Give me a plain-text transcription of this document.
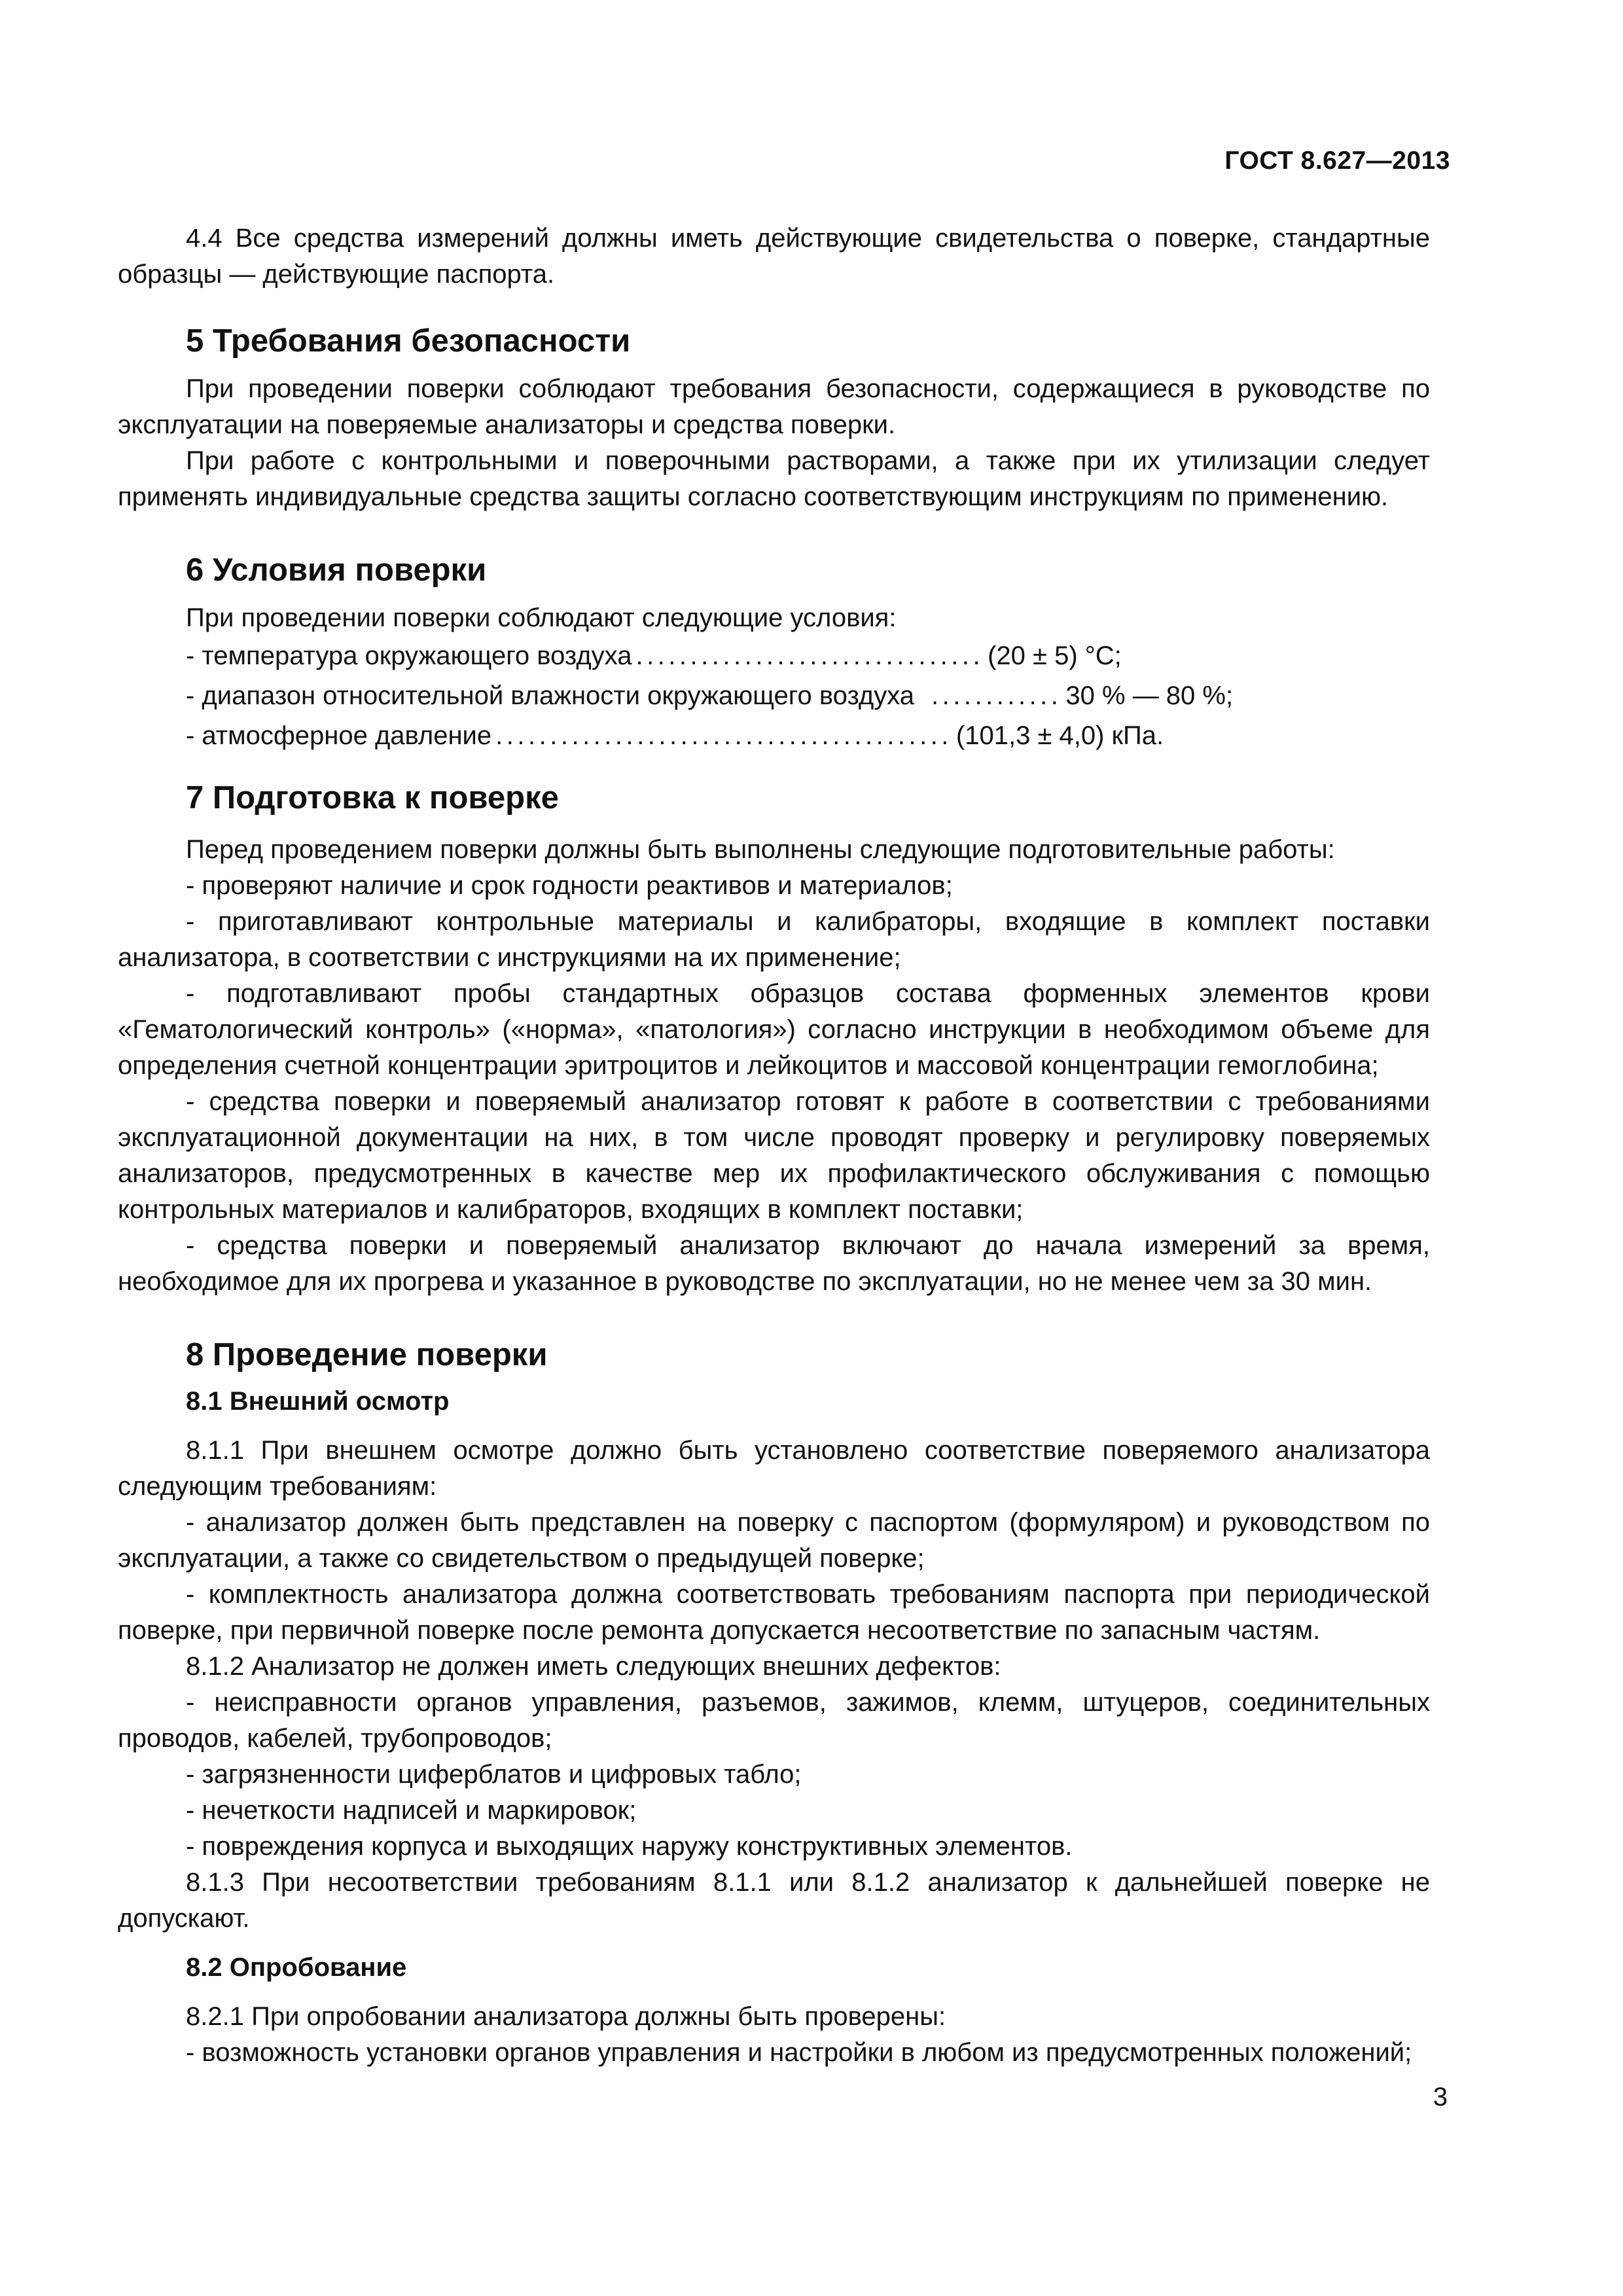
ГОСТ 8.627—2013

4.4 Все средства измерений должны иметь действующие свидетельства о поверке, стандартные образцы — действующие паспорта.

5 Требования безопасности

При проведении поверки соблюдают требования безопасности, содержащиеся в руководстве по эксплуатации на поверяемые анализаторы и средства поверки.

При работе с контрольными и поверочными растворами, а также при их утилизации следует применять индивидуальные средства защиты согласно соответствующим инструкциям по применению.

6 Условия поверки

При проведении поверки соблюдают следующие условия:

- температура окружающего воздуха ................................ (20 ± 5) °C;
- диапазон относительной влажности окружающего воздуха ............ 30 % — 80 %;
- атмосферное давление .......................................... (101,3 ± 4,0) кПа.
7 Подготовка к поверке

Перед проведением поверки должны быть выполнены следующие подготовительные работы:

- проверяют наличие и срок годности реактивов и материалов;

- приготавливают контрольные материалы и калибраторы, входящие в комплект поставки анализатора, в соответствии с инструкциями на их применение;

- подготавливают пробы стандартных образцов состава форменных элементов крови «Гематологический контроль» («норма», «патология») согласно инструкции в необходимом объеме для определения счетной концентрации эритроцитов и лейкоцитов и массовой концентрации гемоглобина;

- средства поверки и поверяемый анализатор готовят к работе в соответствии с требованиями эксплуатационной документации на них, в том числе проводят проверку и регулировку поверяемых анализаторов, предусмотренных в качестве мер их профилактического обслуживания с помощью контрольных материалов и калибраторов, входящих в комплект поставки;

- средства поверки и поверяемый анализатор включают до начала измерений за время, необходимое для их прогрева и указанное в руководстве по эксплуатации, но не менее чем за 30 мин.

8 Проведение поверки
8.1 Внешний осмотр

8.1.1 При внешнем осмотре должно быть установлено соответствие поверяемого анализатора следующим требованиям:

- анализатор должен быть представлен на поверку с паспортом (формуляром) и руководством по эксплуатации, а также со свидетельством о предыдущей поверке;

- комплектность анализатора должна соответствовать требованиям паспорта при периодической поверке, при первичной поверке после ремонта допускается несоответствие по запасным частям.

8.1.2 Анализатор не должен иметь следующих внешних дефектов:

- неисправности органов управления, разъемов, зажимов, клемм, штуцеров, соединительных проводов, кабелей, трубопроводов;

- загрязненности циферблатов и цифровых табло;

- нечеткости надписей и маркировок;

- повреждения корпуса и выходящих наружу конструктивных элементов.

8.1.3 При несоответствии требованиям 8.1.1 или 8.1.2 анализатор к дальнейшей поверке не допускают.

8.2 Опробование

8.2.1 При опробовании анализатора должны быть проверены:

- возможность установки органов управления и настройки в любом из предусмотренных положений;

3
